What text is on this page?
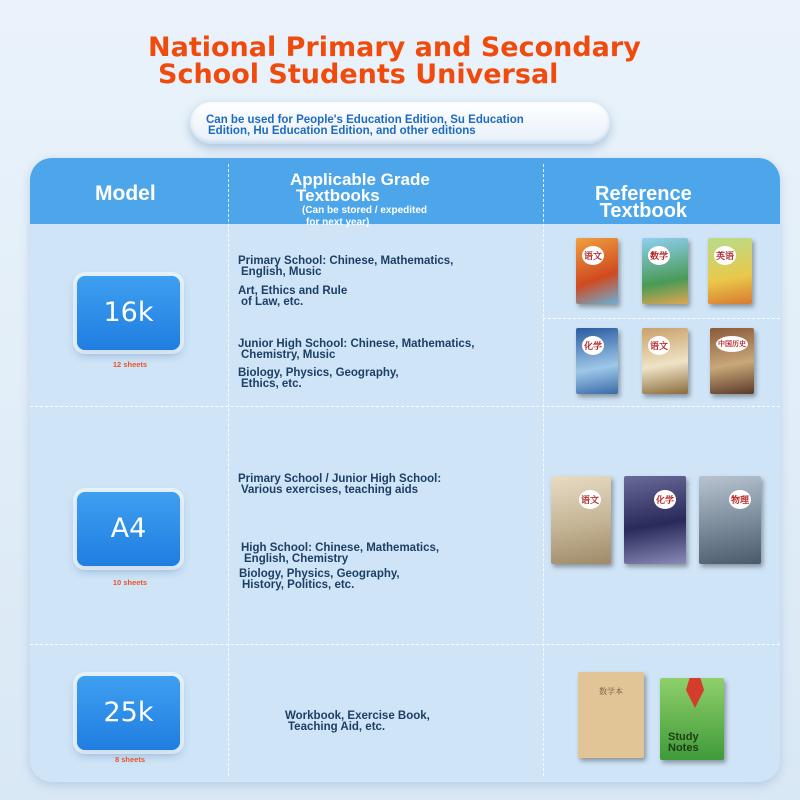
National Primary and Secondary
School Students Universal
Can be used for People's Education Edition, Su Education
Edition, Hu Education Edition, and other editions
Model
Applicable Grade
Textbooks
(Can be stored / expedited
for next year)
Reference
Textbook
16k
12 sheets
Primary School: Chinese, Mathematics,
English, Music
Art, Ethics and Rule
of Law, etc.
Junior High School: Chinese, Mathematics,
Chemistry, Music
Biology, Physics, Geography,
Ethics, etc.
语文	数学	英语
化学	语文	中国历史
A4
10 sheets
Primary School / Junior High School:
Various exercises, teaching aids
High School: Chinese, Mathematics,
English, Chemistry
Biology, Physics, Geography,
History, Politics, etc.
语文	化学	物理
25k
8 sheets
Workbook, Exercise Book,
Teaching Aid, etc.
数学本
Study Notes
